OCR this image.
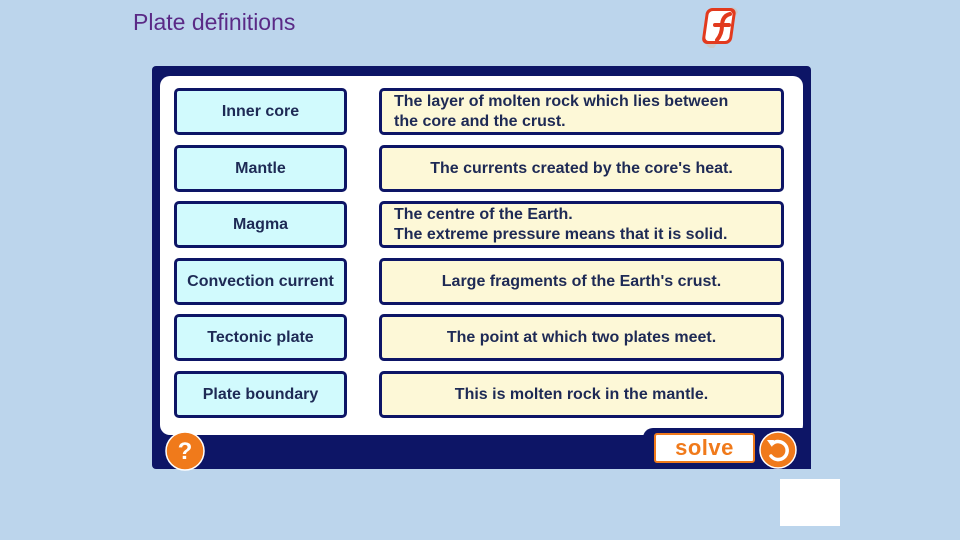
Plate definitions
Inner core
Mantle
Magma
Convection current
Tectonic plate
Plate boundary
The layer of molten rock which lies between
the core and the crust.
The currents created by the core's heat.
The centre of the Earth.
The extreme pressure means that it is solid.
Large fragments of the Earth's crust.
The point at which two plates meet.
This is molten rock in the mantle.
?	solve
